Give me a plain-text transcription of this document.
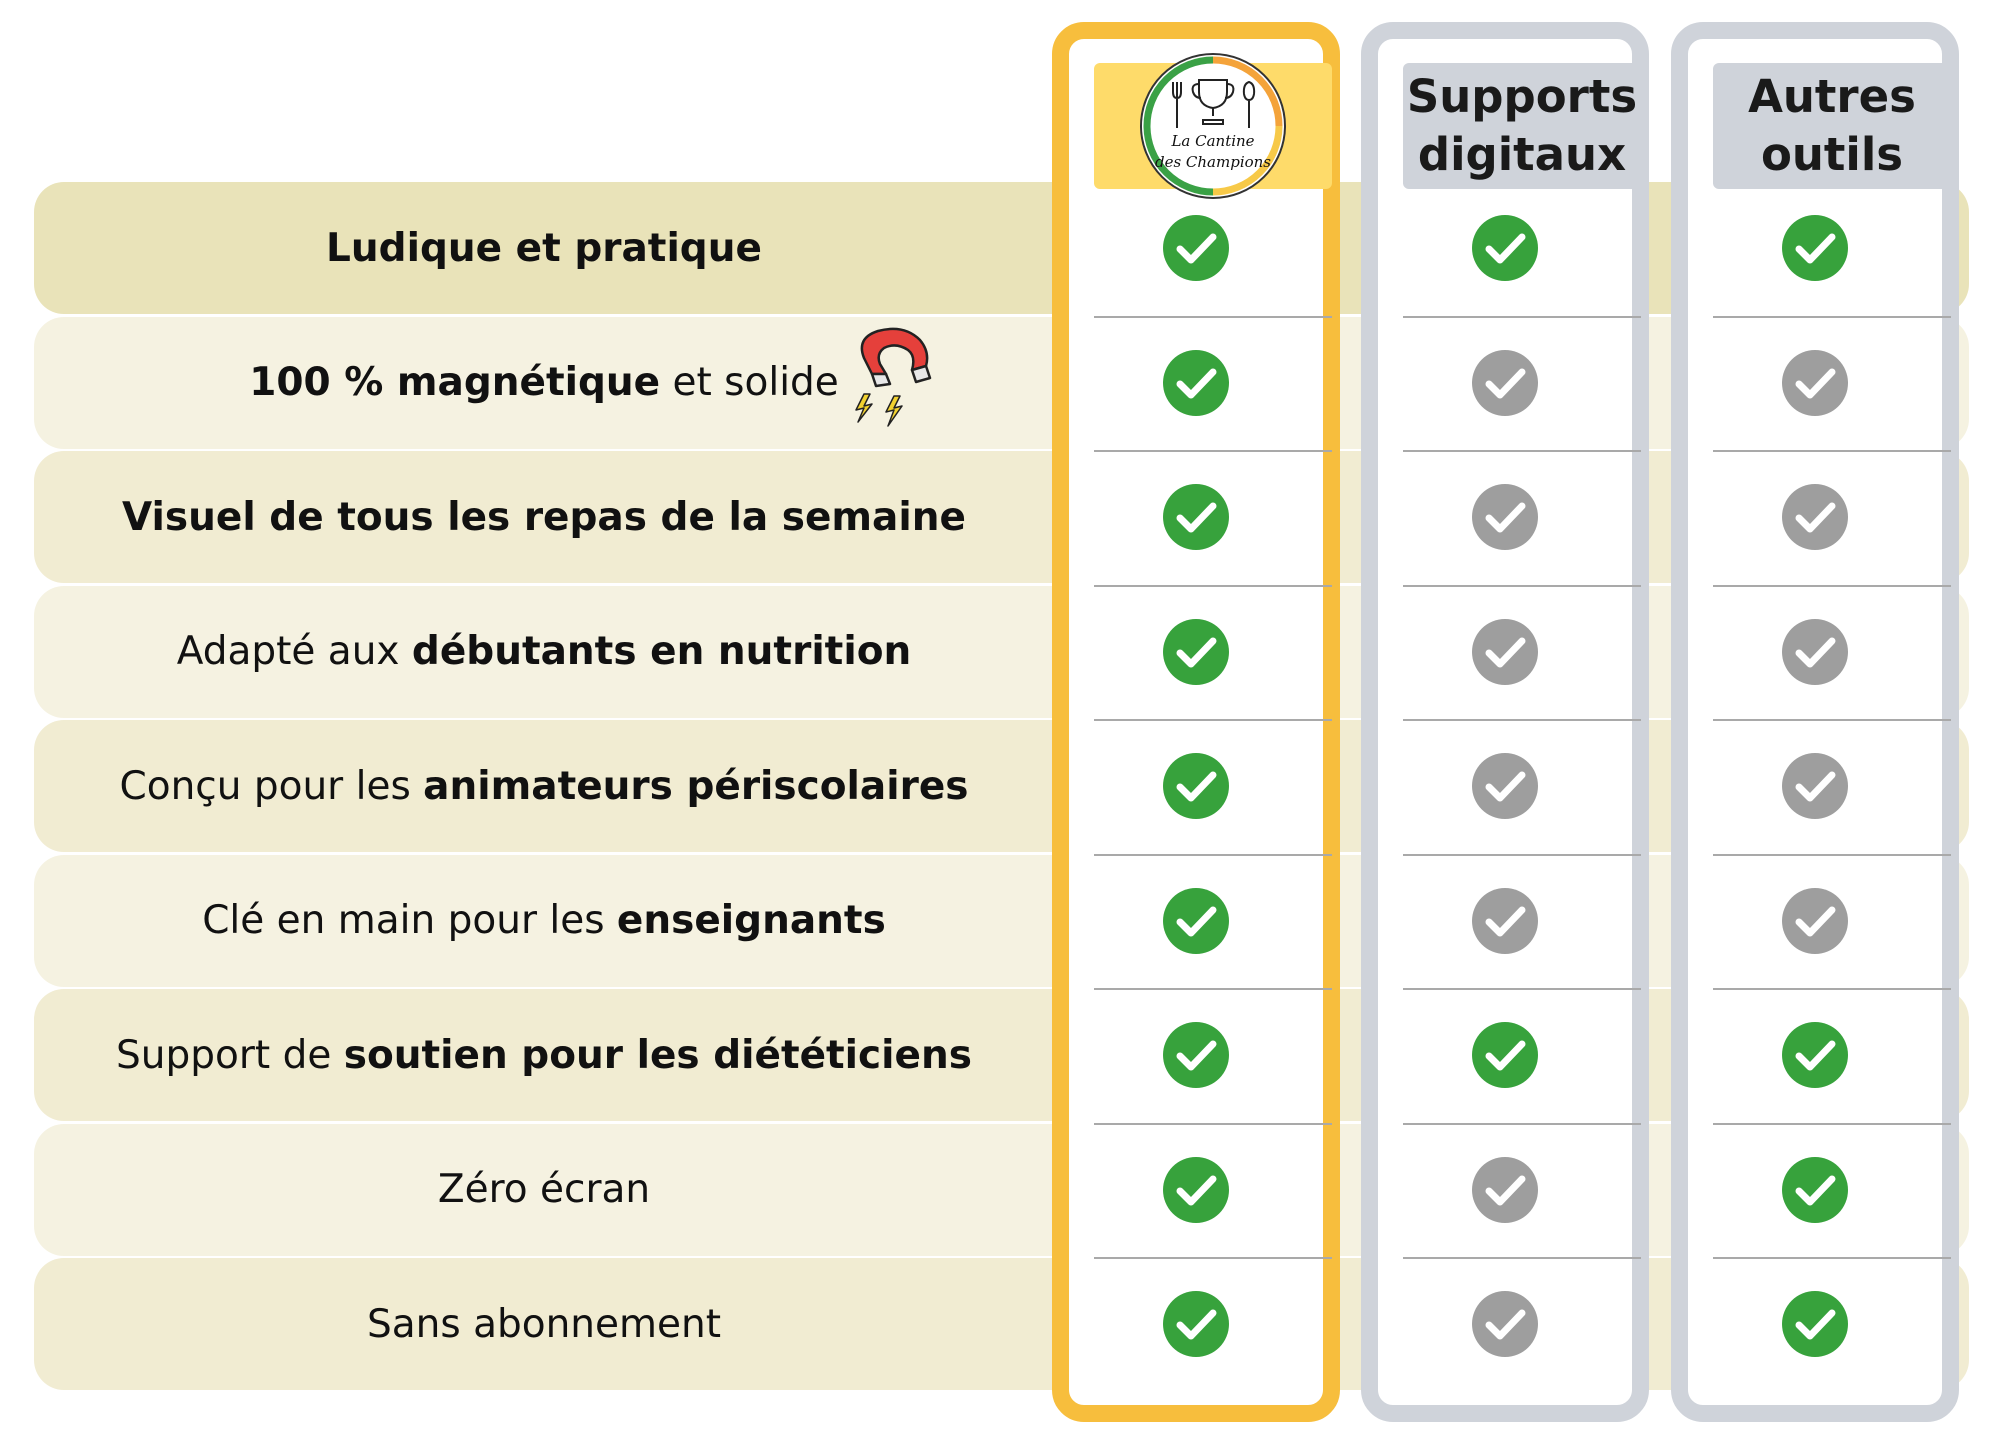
La Cantine
des Champions
Supports
digitaux
Autres
outils
Ludique et pratique
100 % magnétique et solide
Visuel de tous les repas de la semaine
Adapté aux débutants en nutrition
Conçu pour les animateurs périscolaires
Clé en main pour les enseignants
Support de soutien pour les diététiciens
Zéro écran
Sans abonnement
